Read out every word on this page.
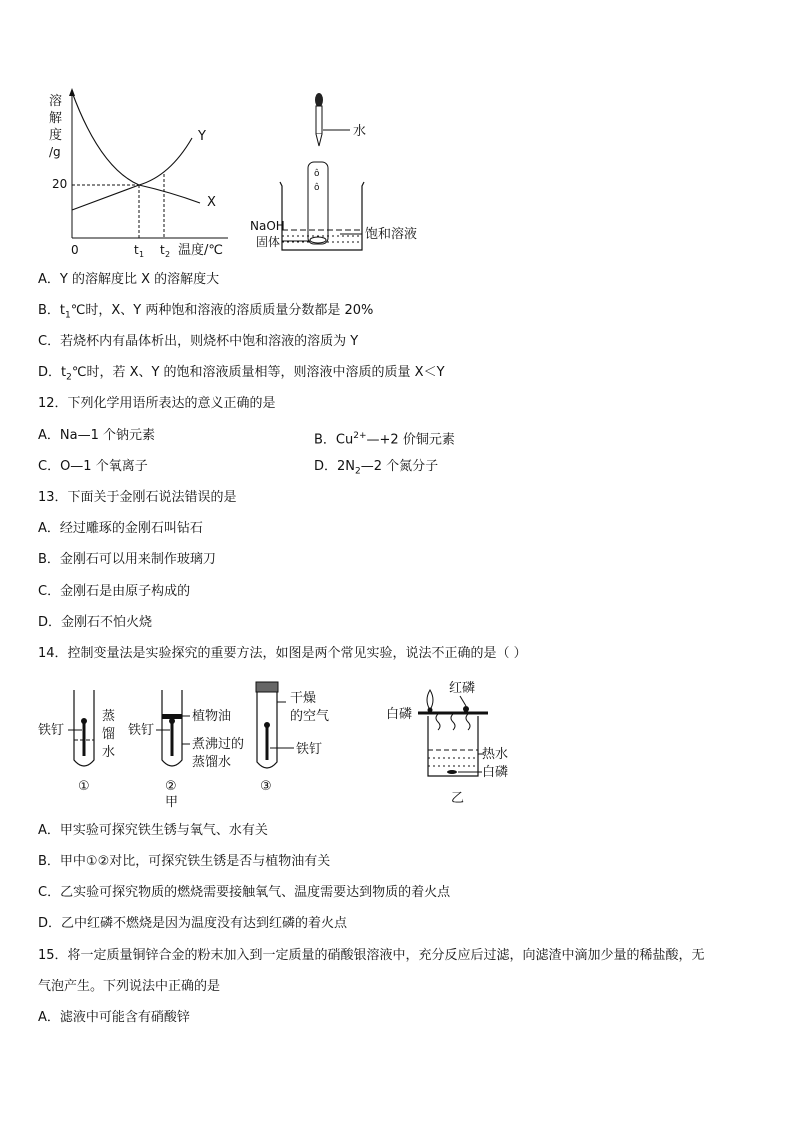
溶
解
度
/g
20
Y
X
0	t 1 t 2 温度/℃
水
ô
ô
NaOH
固体	饱和溶液
A．Y 的溶解度比 X 的溶解度大
B．$t_1℃$时，X、Y 两种饱和溶液的溶质质量分数都是 20%
C．若烧杯内有晶体析出，则烧杯中饱和溶液的溶质为 Y
D．$t_2℃$时，若 X、Y 的饱和溶液质量相等，则溶液中溶质的质量 X＜Y
12．下列化学用语所表达的意义正确的是
A．Na—1 个钠元素	B．$Cu^{2+}—+2$ 价铜元素
C．O—1 个氧离子	D．$2N_2—2$ 个氮分子
13．下面关于金刚石说法错误的是
A．经过雕琢的金刚石叫钻石
B．金刚石可以用来制作玻璃刀
C．金刚石是由原子构成的
D．金刚石不怕火烧
14．控制变量法是实验探究的重要方法，如图是两个常见实验，说法不正确的是（ ）
铁钉
蒸
馏
水
①
铁钉
植物油
煮沸过的
蒸馏水
②
甲
干燥
的空气
铁钉
③
红磷
白磷
热水
白磷
乙
A．甲实验可探究铁生锈与氧气、水有关
B．甲中①②对比，可探究铁生锈是否与植物油有关
C．乙实验可探究物质的燃烧需要接触氧气、温度需要达到物质的着火点
D．乙中红磷不燃烧是因为温度没有达到红磷的着火点
15．将一定质量铜锌合金的粉末加入到一定质量的硝酸银溶液中，充分反应后过滤，向滤渣中滴加少量的稀盐酸，无
气泡产生。下列说法中正确的是
A．滤液中可能含有硝酸锌
